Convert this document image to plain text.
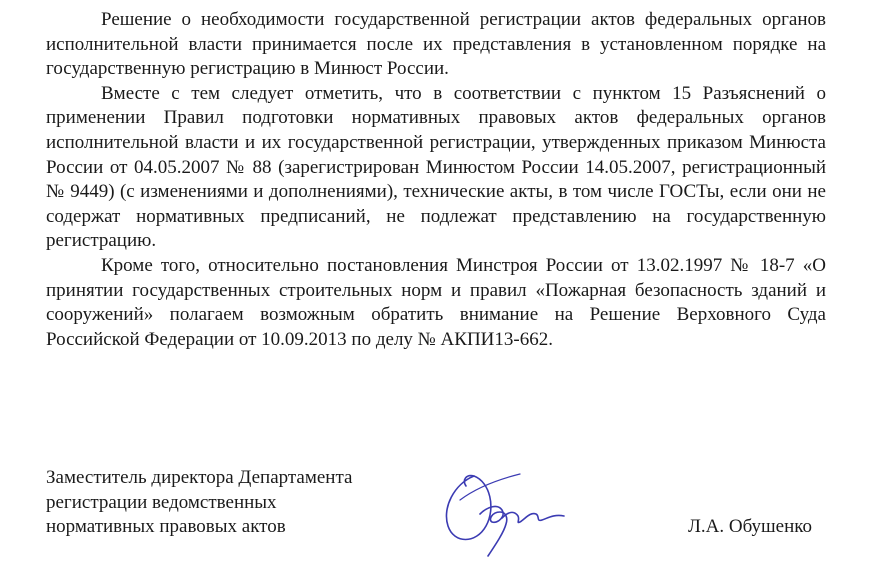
Решение о необходимости государственной регистрации актов федеральных органов исполнительной власти принимается после их представления в установленном порядке на государственную регистрацию в Минюст России.

Вместе с тем следует отметить, что в соответствии с пунктом 15 Разъяснений о применении Правил подготовки нормативных правовых актов федеральных органов исполнительной власти и их государственной регистрации, утвержденных приказом Минюста России от 04.05.2007 № 88 (зарегистрирован Минюстом России 14.05.2007, регистрационный № 9449) (с изменениями и дополнениями), технические акты, в том числе ГОСТы, если они не содержат нормативных предписаний, не подлежат представлению на государственную регистрацию.

Кроме того, относительно постановления Минстроя России от 13.02.1997 № 18-7 «О принятии государственных строительных норм и правил «Пожарная безопасность зданий и сооружений» полагаем возможным обратить внимание на Решение Верховного Суда Российской Федерации от 10.09.2013 по делу № АКПИ13-662.

Заместитель директора Департамента
регистрации ведомственных
нормативных правовых актов	Л.А. Обушенко
